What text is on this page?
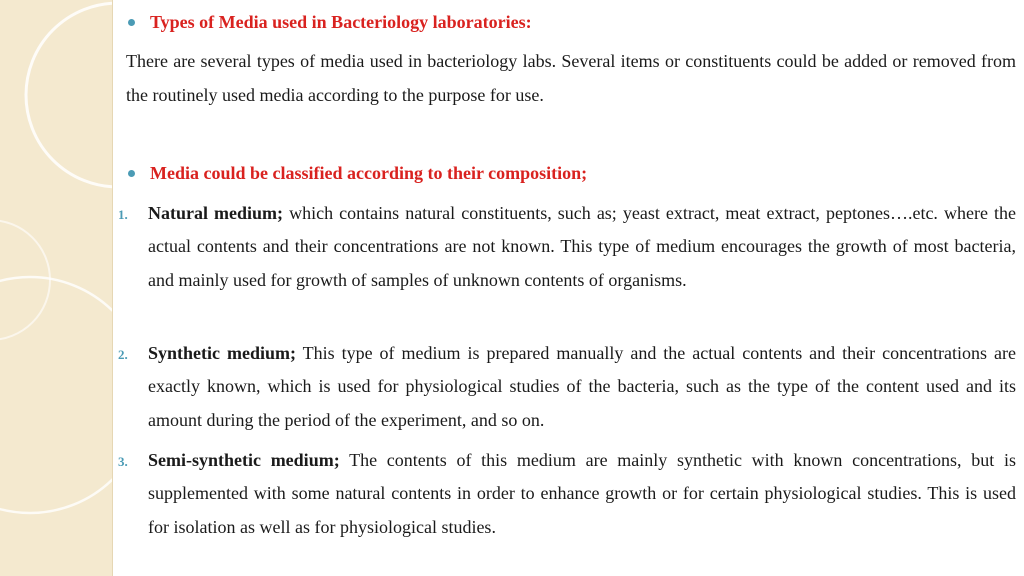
Types of Media used in Bacteriology laboratories:

There are several types of media used in bacteriology labs. Several items or constituents could be added or removed from the routinely used media according to the purpose for use.

Media could be classified according to their composition;
1. Natural medium; which contains natural constituents, such as; yeast extract, meat extract, peptones….etc. where the actual contents and their concentrations are not known. This type of medium encourages the growth of most bacteria, and mainly used for growth of samples of unknown contents of organisms.

2. Synthetic medium; This type of medium is prepared manually and the actual contents and their concentrations are exactly known, which is used for physiological studies of the bacteria, such as the type of the content used and its amount during the period of the experiment, and so on.

3. Semi-synthetic medium; The contents of this medium are mainly synthetic with known concentrations, but is supplemented with some natural contents in order to enhance growth or for certain physiological studies. This is used for isolation as well as for physiological studies.
